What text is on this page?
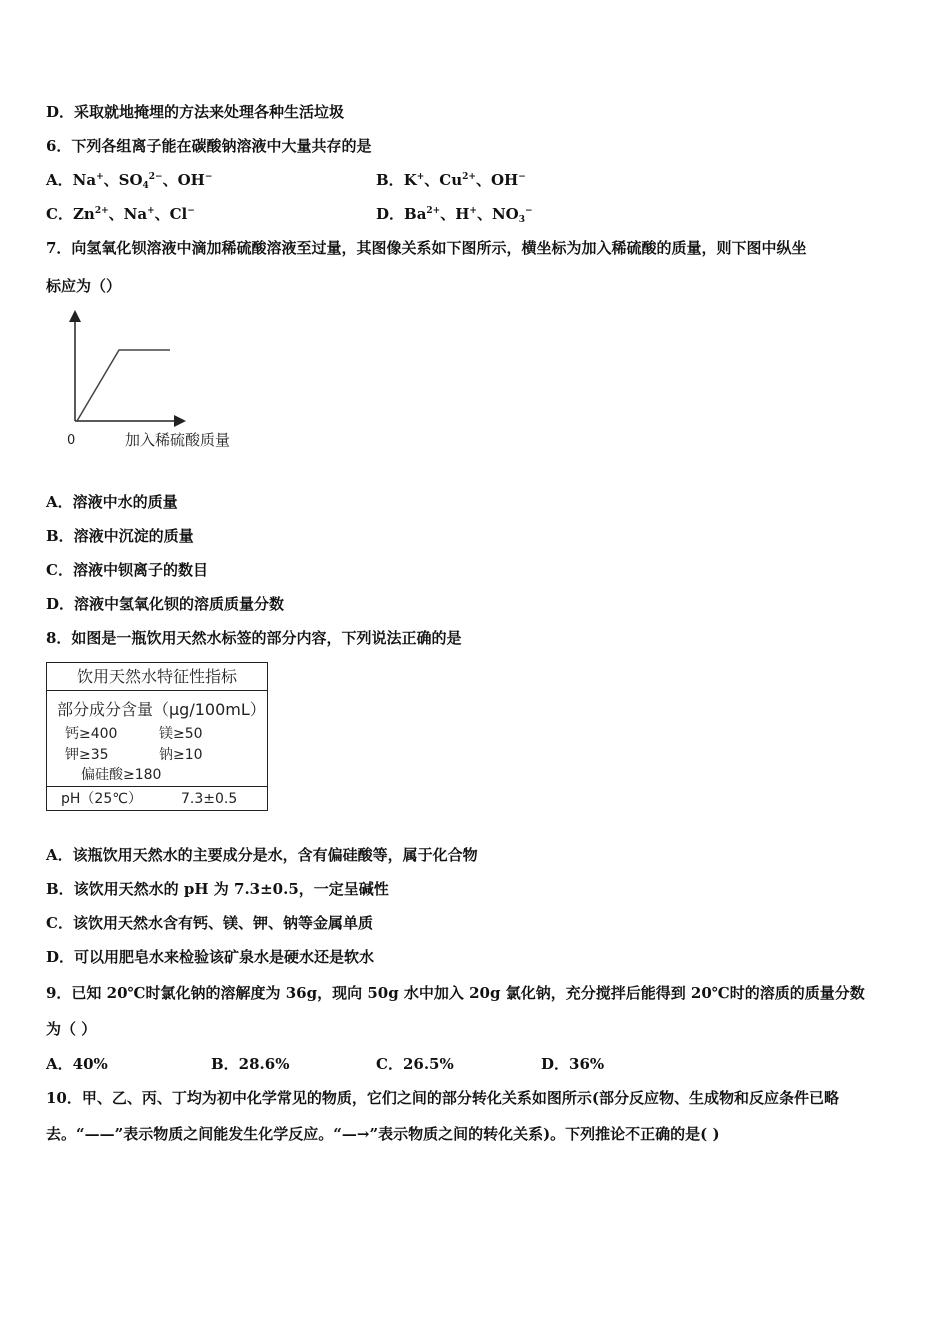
D．采取就地掩埋的方法来处理各种生活垃圾
6．下列各组离子能在碳酸钠溶液中大量共存的是
A．Na+、$SO_4^{2-}$、OH−	B．K+、$Cu^{2+}$、OH−
C．$Zn^{2+}$、Na+、Cl−	D．$Ba^{2+}$、H+、$NO_3^-$
7．向氢氧化钡溶液中滴加稀硫酸溶液至过量，其图像关系如下图所示，横坐标为加入稀硫酸的质量，则下图中纵坐
标应为（）
0	加入稀硫酸质量
A．溶液中水的质量
B．溶液中沉淀的质量
C．溶液中钡离子的数目
D．溶液中氢氧化钡的溶质质量分数
8．如图是一瓶饮用天然水标签的部分内容，下列说法正确的是
饮用天然水特征性指标
部分成分含量（μg/100mL）
钙≥400	镁≥50
钾≥35	钠≥10
偏硅酸≥180
pH（25℃）	7.3±0.5
A．该瓶饮用天然水的主要成分是水，含有偏硅酸等，属于化合物
B．该饮用天然水的 pH 为 7.3±0.5，一定呈碱性
C．该饮用天然水含有钙、镁、钾、钠等金属单质
D．可以用肥皂水来检验该矿泉水是硬水还是软水
9．已知 20℃时氯化钠的溶解度为 36g，现向 50g 水中加入 20g 氯化钠，充分搅拌后能得到 20℃时的溶质的质量分数
为（ ）
A．40%	B．28.6%	C．26.5%	D．36%
10．甲、乙、丙、丁均为初中化学常见的物质，它们之间的部分转化关系如图所示(部分反应物、生成物和反应条件已略
去。“——”表示物质之间能发生化学反应。“—→”表示物质之间的转化关系)。下列推论不正确的是( )
